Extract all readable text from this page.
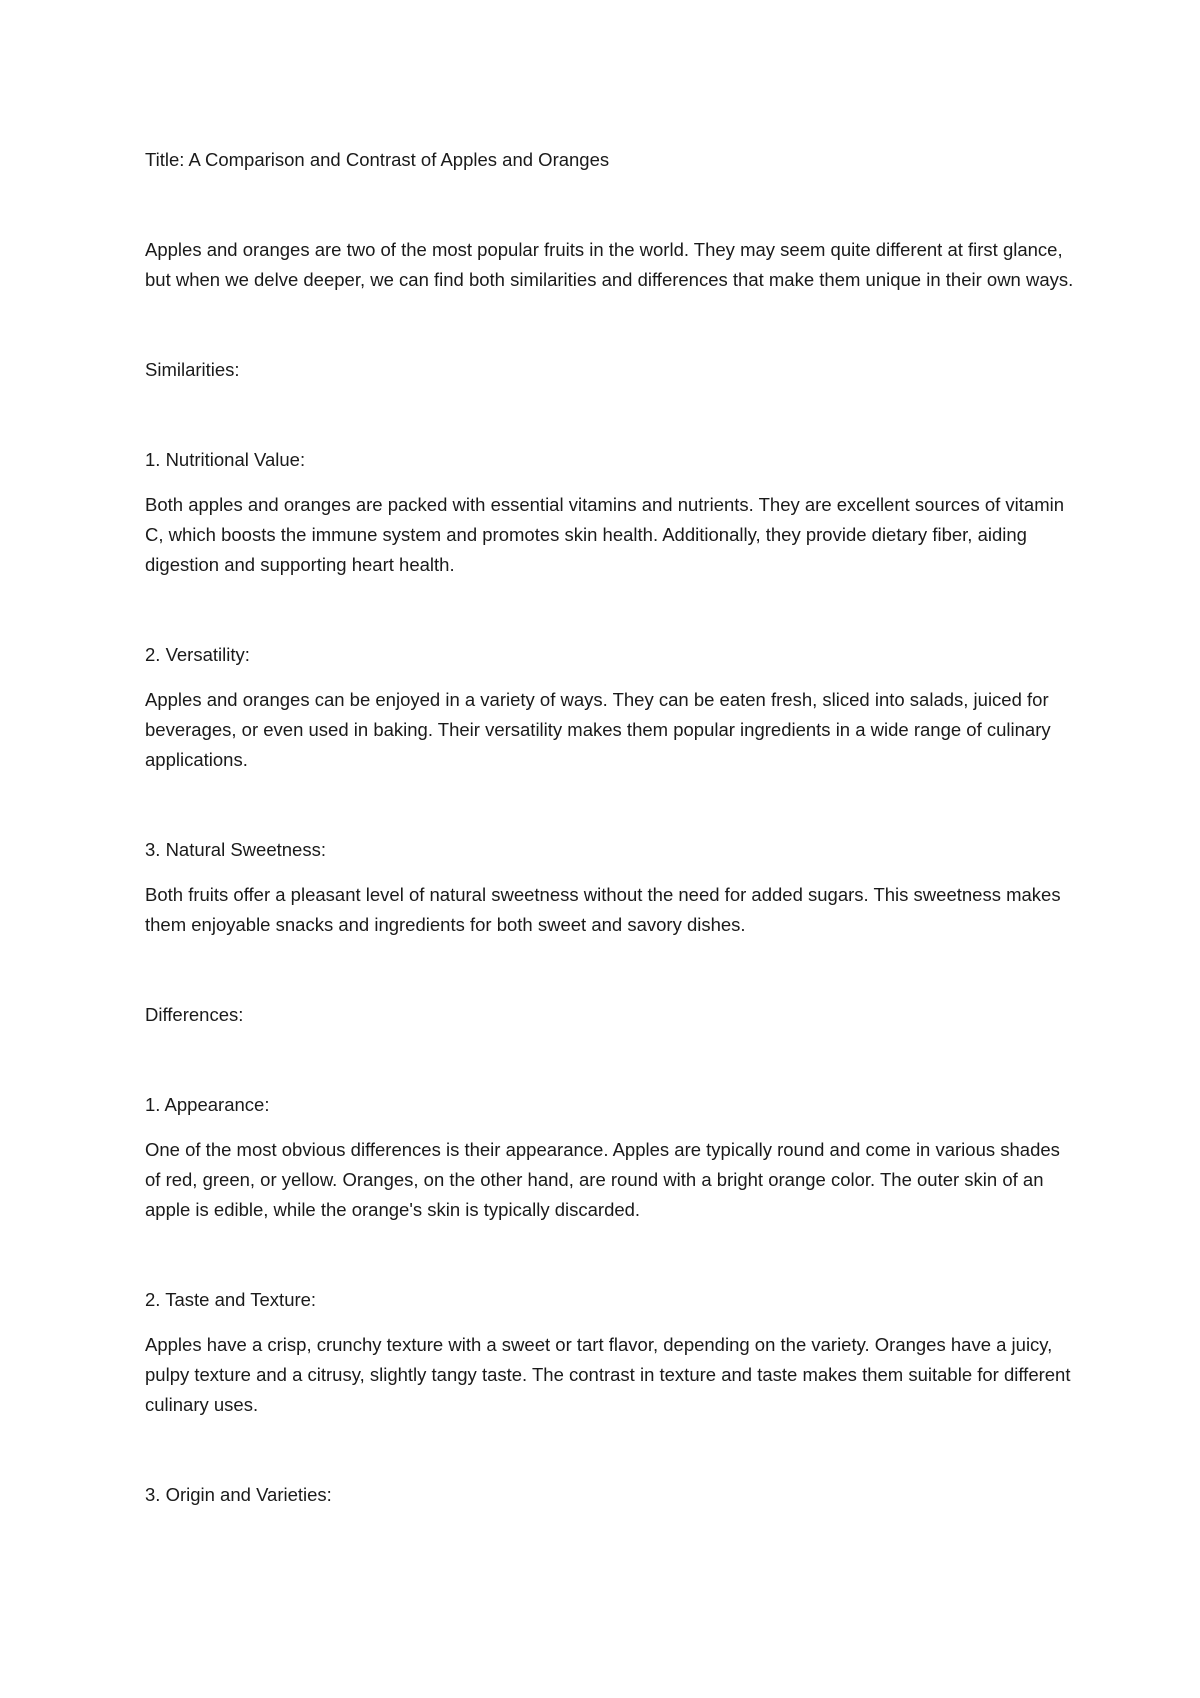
Title: A Comparison and Contrast of Apples and Oranges

Apples and oranges are two of the most popular fruits in the world. They may seem quite different at first glance, but when we delve deeper, we can find both similarities and differences that make them unique in their own ways.

Similarities:

1. Nutritional Value:

Both apples and oranges are packed with essential vitamins and nutrients. They are excellent sources of vitamin C, which boosts the immune system and promotes skin health. Additionally, they provide dietary fiber, aiding digestion and supporting heart health.

2. Versatility:

Apples and oranges can be enjoyed in a variety of ways. They can be eaten fresh, sliced into salads, juiced for beverages, or even used in baking. Their versatility makes them popular ingredients in a wide range of culinary applications.

3. Natural Sweetness:

Both fruits offer a pleasant level of natural sweetness without the need for added sugars. This sweetness makes them enjoyable snacks and ingredients for both sweet and savory dishes.

Differences:

1. Appearance:

One of the most obvious differences is their appearance. Apples are typically round and come in various shades of red, green, or yellow. Oranges, on the other hand, are round with a bright orange color. The outer skin of an apple is edible, while the orange's skin is typically discarded.

2. Taste and Texture:

Apples have a crisp, crunchy texture with a sweet or tart flavor, depending on the variety. Oranges have a juicy, pulpy texture and a citrusy, slightly tangy taste. The contrast in texture and taste makes them suitable for different culinary uses.

3. Origin and Varieties:
